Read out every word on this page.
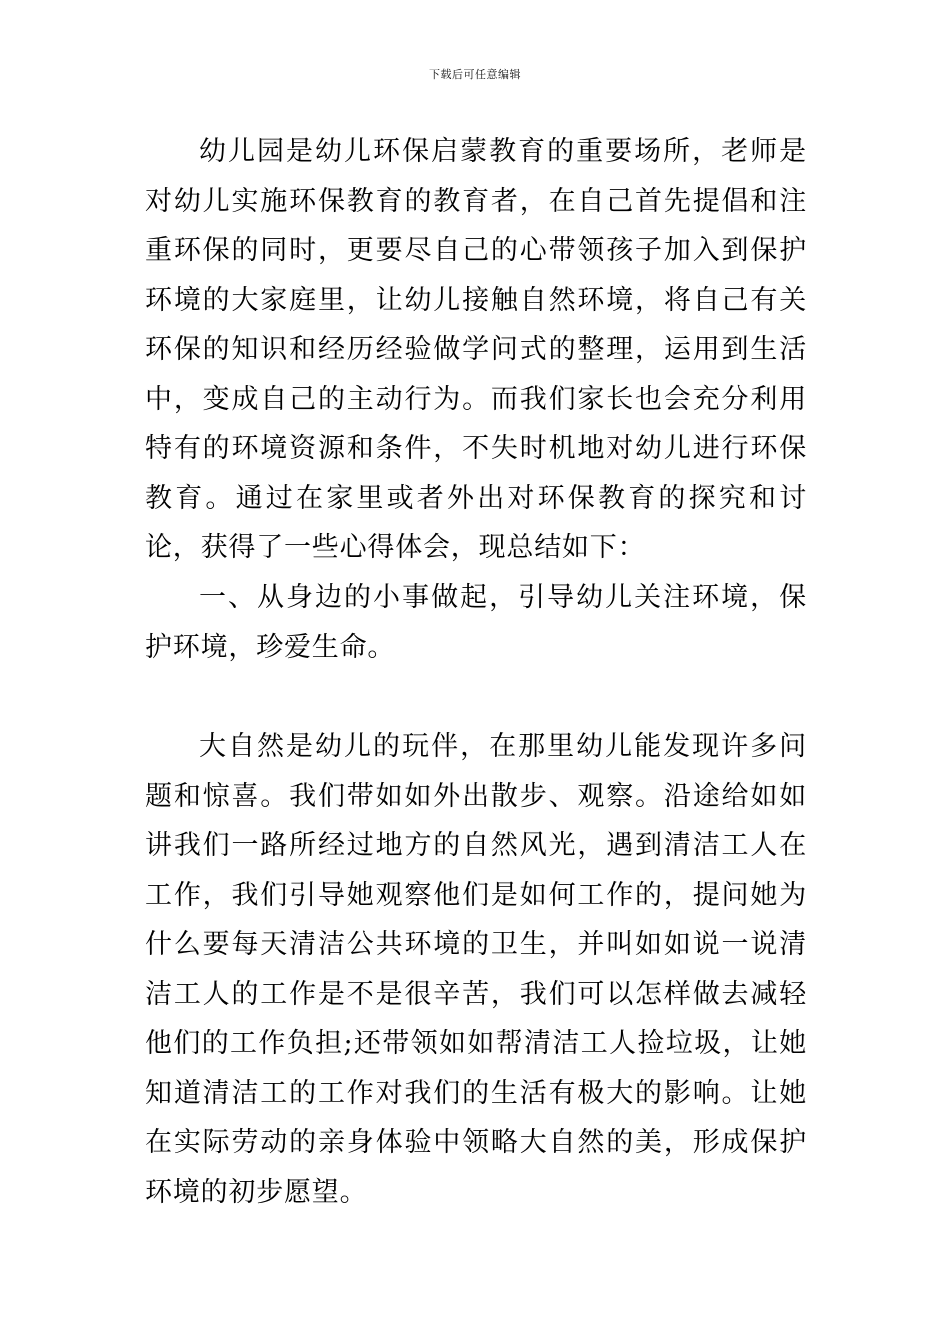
下载后可任意编辑

幼儿园是幼儿环保启蒙教育的重要场所，老师是对幼儿实施环保教育的教育者，在自己首先提倡和注重环保的同时，更要尽自己的心带领孩子加入到保护环境的大家庭里，让幼儿接触自然环境，将自己有关环保的知识和经历经验做学问式的整理，运用到生活中，变成自己的主动行为。而我们家长也会充分利用特有的环境资源和条件，不失时机地对幼儿进行环保教育。通过在家里或者外出对环保教育的探究和讨论，获得了一些心得体会，现总结如下：

一、从身边的小事做起，引导幼儿关注环境，保护环境，珍爱生命。

大自然是幼儿的玩伴，在那里幼儿能发现许多问题和惊喜。我们带如如外出散步、观察。沿途给如如讲我们一路所经过地方的自然风光，遇到清洁工人在工作，我们引导她观察他们是如何工作的，提问她为什么要每天清洁公共环境的卫生，并叫如如说一说清洁工人的工作是不是很辛苦，我们可以怎样做去减轻他们的工作负担;还带领如如帮清洁工人捡垃圾，让她知道清洁工的工作对我们的生活有极大的影响。让她在实际劳动的亲身体验中领略大自然的美，形成保护环境的初步愿望。
